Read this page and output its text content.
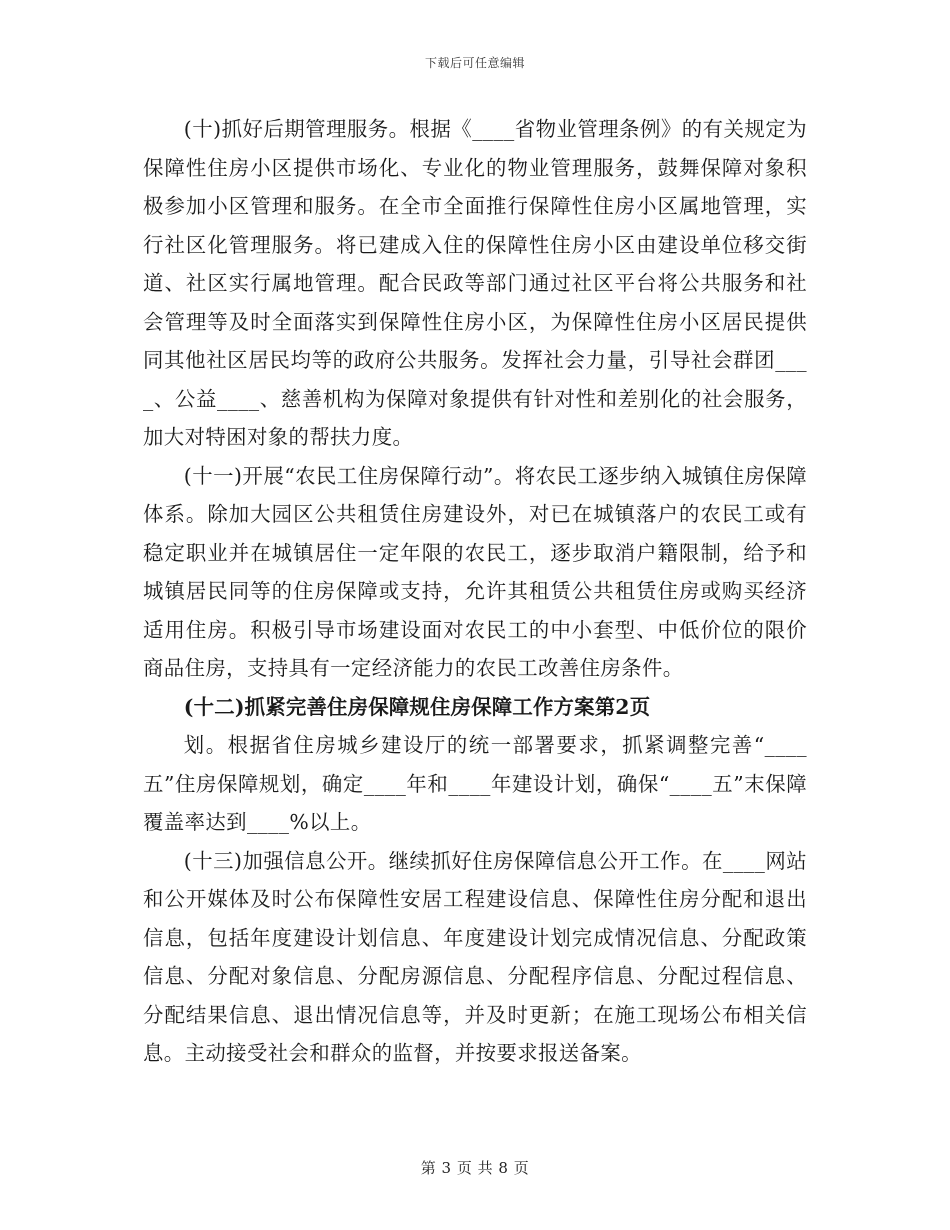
下载后可任意编辑

(十)抓好后期管理服务。根据《____省物业管理条例》的有关规定为保障性住房小区提供市场化、专业化的物业管理服务，鼓舞保障对象积极参加小区管理和服务。在全市全面推行保障性住房小区属地管理，实行社区化管理服务。将已建成入住的保障性住房小区由建设单位移交街道、社区实行属地管理。配合民政等部门通过社区平台将公共服务和社会管理等及时全面落实到保障性住房小区，为保障性住房小区居民提供同其他社区居民均等的政府公共服务。发挥社会力量，引导社会群团____、公益____、慈善机构为保障对象提供有针对性和差别化的社会服务，加大对特困对象的帮扶力度。

(十一)开展“农民工住房保障行动”。将农民工逐步纳入城镇住房保障体系。除加大园区公共租赁住房建设外，对已在城镇落户的农民工或有稳定职业并在城镇居住一定年限的农民工，逐步取消户籍限制，给予和城镇居民同等的住房保障或支持，允许其租赁公共租赁住房或购买经济适用住房。积极引导市场建设面对农民工的中小套型、中低价位的限价商品住房，支持具有一定经济能力的农民工改善住房条件。

(十二)抓紧完善住房保障规住房保障工作方案第2页

划。根据省住房城乡建设厅的统一部署要求，抓紧调整完善“____五”住房保障规划，确定____年和____年建设计划，确保“____五”末保障覆盖率达到____%以上。

(十三)加强信息公开。继续抓好住房保障信息公开工作。在____网站和公开媒体及时公布保障性安居工程建设信息、保障性住房分配和退出信息，包括年度建设计划信息、年度建设计划完成情况信息、分配政策信息、分配对象信息、分配房源信息、分配程序信息、分配过程信息、分配结果信息、退出情况信息等，并及时更新；在施工现场公布相关信息。主动接受社会和群众的监督，并按要求报送备案。

第 3 页 共 8 页
